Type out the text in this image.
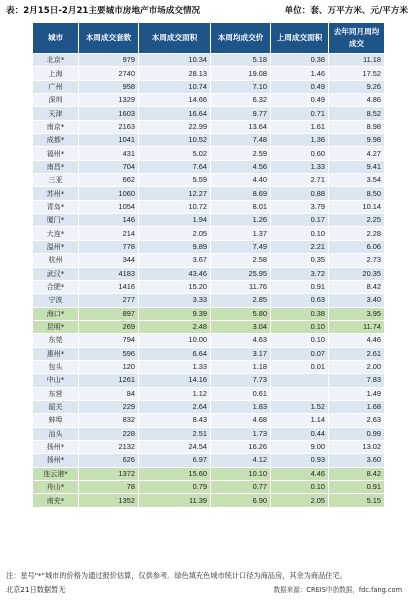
表：2月15日-2月21主要城市房地产市场成交情况	单位：套、万平方米、元/平方米
城市	本周成交套数	本周成交面积	本周均成交价	上周成交面积	去年同月周均成交
北京*	979	10.34	5.18	0.38	11.18
上海	2740	28.13	19.08	1.46	17.52
广州	958	10.74	7.10	0.49	9.26
深圳	1329	14.66	6.32	0.49	4.86
天津	1603	16.64	9.77	0.71	8.52
南京*	2163	22.99	13.64	1.61	8.98
成都*	1041	10.52	7.48	1.36	9.98
福州*	431	5.02	2.59	0.60	4.27
南昌*	704	7.64	4.56	1.33	9.41
三亚	662	5.59	4.40	2.71	3.54
苏州*	1060	12.27	8.69	0.88	8.50
青岛*	1054	10.72	8.01	3.79	10.14
厦门*	146	1.94	1.26	0.17	2.25
大连*	214	2.05	1.37	0.10	2.28
温州*	778	9.89	7.49	2.21	6.06
杭州	344	3.67	2.58	0.35	2.73
武汉*	4183	43.46	25.95	3.72	20.35
合肥*	1416	15.20	11.76	0.91	8.42
宁波	277	3.33	2.85	0.63	3.40
海口*	897	9.39	5.80	0.38	3.95
昆明*	269	2.48	3.04	0.10	11.74
东莞	794	10.00	4.63	0.10	4.46
惠州*	596	6.64	3.17	0.07	2.61
包头	120	1.33	1.18	0.01	2.00
中山*	1261	14.16	7.73		7.83
东营	84	1.12	0.61		1.49
韶关	229	2.64	1.83	1.52	1.68
蚌埠	832	8.43	4.68	1.14	2.63
汕头	228	2.51	1.73	0.44	0.99
扬州*	2132	24.54	16.26	9.00	13.02
扬州*	626	6.97	4.12	0.93	3.60
连云港*	1372	15.60	10.10	4.46	8.42
舟山*	78	0.79	0.77	0.10	0.91
南充*	1352	11.39	6.90	2.05	5.15
注：星号"*"城市的价格为通过报价估算，仅供参考。绿色填充色城市统计口径为商品房，其余为商品住宅。
北京21日数据暂无	数据来源：CREIS中指数据，fdc.fang.com
